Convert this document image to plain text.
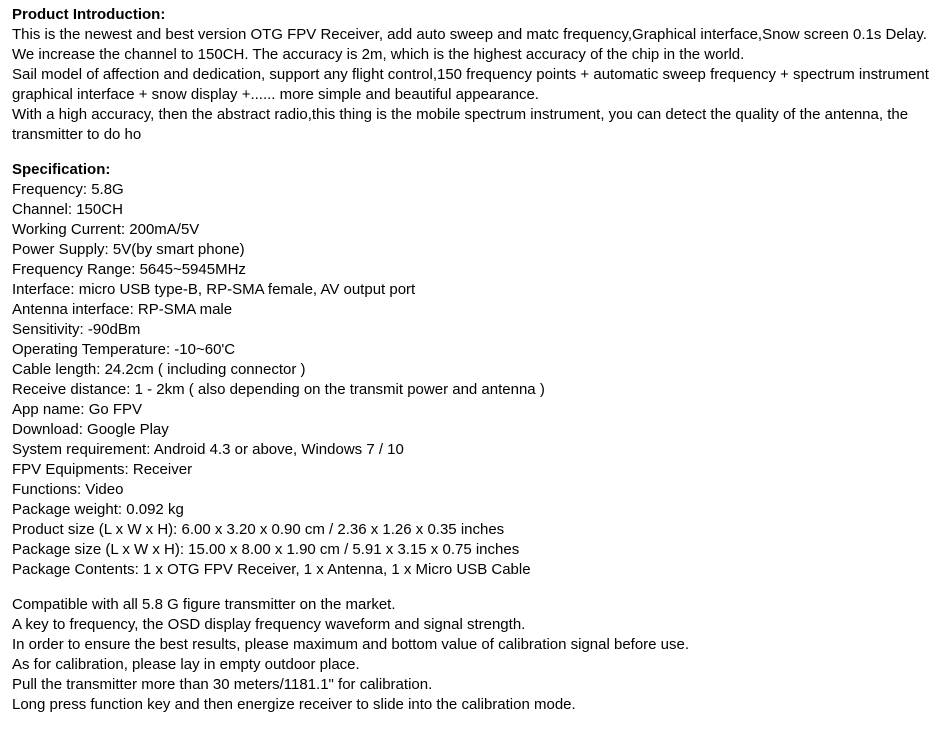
Product Introduction:

This is the newest and best version OTG FPV Receiver, add auto sweep and matc frequency,Graphical interface,Snow screen 0.1s Delay.

We increase the channel to 150CH. The accuracy is 2m, which is the highest accuracy of the chip in the world.

Sail model of affection and dedication, support any flight control,150 frequency points + automatic sweep frequency + spectrum instrument graphical interface + snow display +...... more simple and beautiful appearance.

With a high accuracy, then the abstract radio,this thing is the mobile spectrum instrument, you can detect the quality of the antenna, the transmitter to do ho

Specification:

Frequency: 5.8G
Channel: 150CH
Working Current: 200mA/5V
Power Supply: 5V(by smart phone)
Frequency Range: 5645~5945MHz
Interface: micro USB type-B, RP-SMA female, AV output port
Antenna interface: RP-SMA male
Sensitivity: -90dBm
Operating Temperature: -10~60'C
Cable length: 24.2cm ( including connector )
Receive distance: 1 - 2km ( also depending on the transmit power and antenna )
App name: Go FPV
Download: Google Play
System requirement: Android 4.3 or above, Windows 7 / 10
FPV Equipments: Receiver
Functions: Video
Package weight: 0.092 kg
Product size (L x W x H): 6.00 x 3.20 x 0.90 cm / 2.36 x 1.26 x 0.35 inches
Package size (L x W x H): 15.00 x 8.00 x 1.90 cm / 5.91 x 3.15 x 0.75 inches
Package Contents: 1 x OTG FPV Receiver, 1 x Antenna, 1 x Micro USB Cable

Compatible with all 5.8 G figure transmitter on the market.

A key to frequency, the OSD display frequency waveform and signal strength.

In order to ensure the best results, please maximum and bottom value of calibration signal before use.

As for calibration, please lay in empty outdoor place.

Pull the transmitter more than 30 meters/1181.1" for calibration.

Long press function key and then energize receiver to slide into the calibration mode.
